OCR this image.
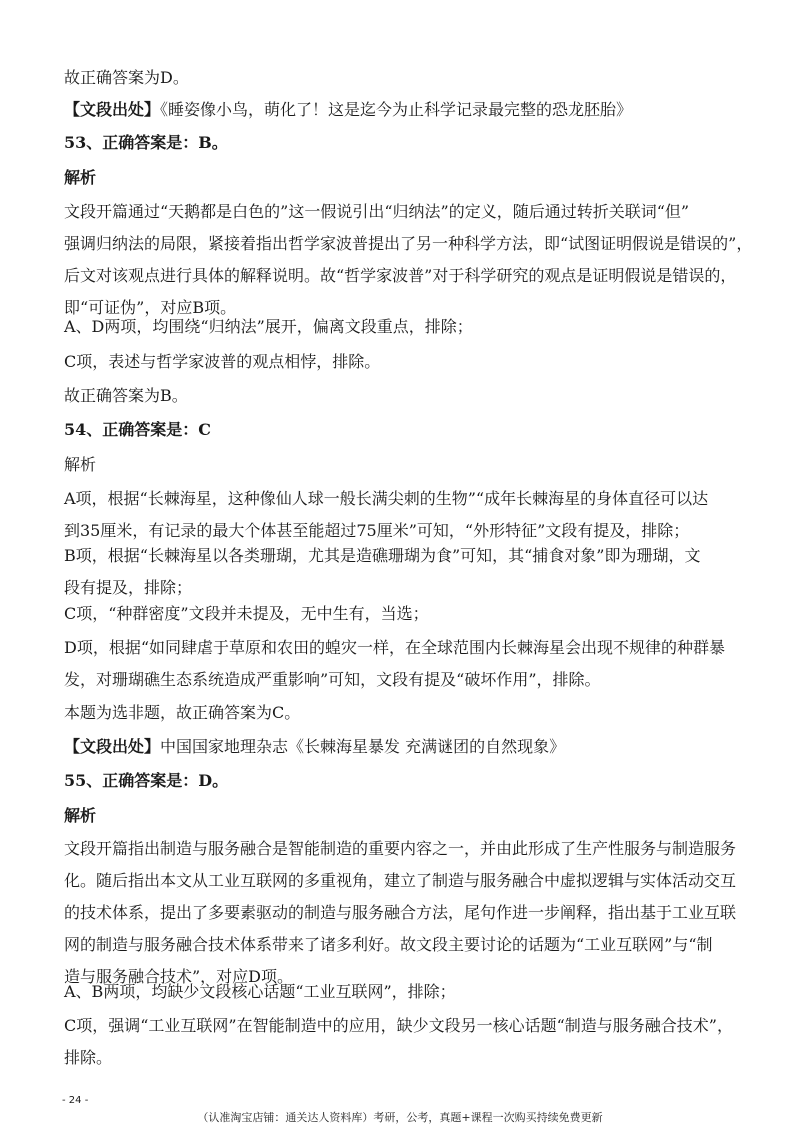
故正确答案为D。

【文段出处】《睡姿像小鸟，萌化了！这是迄今为止科学记录最完整的恐龙胚胎》

53、正确答案是：B。

解析

文段开篇通过“天鹅都是白色的”这一假说引出“归纳法”的定义，随后通过转折关联词“但”
强调归纳法的局限，紧接着指出哲学家波普提出了另一种科学方法，即“试图证明假说是错误的”，
后文对该观点进行具体的解释说明。故“哲学家波普”对于科学研究的观点是证明假说是错误的，
即“可证伪”，对应B项。

A、D两项，均围绕“归纳法”展开，偏离文段重点，排除；

C项，表述与哲学家波普的观点相悖，排除。

故正确答案为B。

54、正确答案是：C

解析

A项，根据“长棘海星，这种像仙人球一般长满尖刺的生物”“成年长棘海星的身体直径可以达
到35厘米，有记录的最大个体甚至能超过75厘米”可知，“外形特征”文段有提及，排除；

B项，根据“长棘海星以各类珊瑚，尤其是造礁珊瑚为食”可知，其“捕食对象”即为珊瑚，文
段有提及，排除；

C项，“种群密度”文段并未提及，无中生有，当选；

D项，根据“如同肆虐于草原和农田的蝗灾一样，在全球范围内长棘海星会出现不规律的种群暴
发，对珊瑚礁生态系统造成严重影响”可知，文段有提及“破坏作用”，排除。

本题为选非题，故正确答案为C。

【文段出处】中国国家地理杂志《长棘海星暴发 充满谜团的自然现象》

55、正确答案是：D。

解析

文段开篇指出制造与服务融合是智能制造的重要内容之一，并由此形成了生产性服务与制造服务
化。随后指出本文从工业互联网的多重视角，建立了制造与服务融合中虚拟逻辑与实体活动交互
的技术体系，提出了多要素驱动的制造与服务融合方法，尾句作进一步阐释，指出基于工业互联
网的制造与服务融合技术体系带来了诸多利好。故文段主要讨论的话题为“工业互联网”与“制
造与服务融合技术”，对应D项。

A、B两项，均缺少文段核心话题“工业互联网”，排除；

C项，强调“工业互联网”在智能制造中的应用，缺少文段另一核心话题“制造与服务融合技术”，
排除。

- 24 -
（认准淘宝店铺：通关达人资料库）考研，公考，真题+课程一次购买持续免费更新
